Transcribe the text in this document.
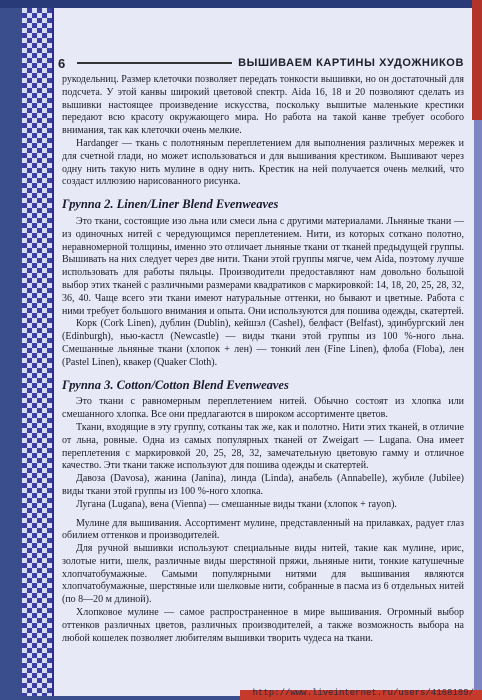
6	ВЫШИВАЕМ КАРТИНЫ ХУДОЖНИКОВ

рукодельниц. Размер клеточки позволяет передать тонкости вышивки, но он достаточный для подсчета. У этой канвы широкий цветовой спектр. Aida 16, 18 и 20 позволяют сделать из вышивки настоящее произведение искусства, поскольку вышитые маленькие крестики передают всю красоту окружающего мира. Но работа на такой канве требует особого внимания, так как клеточки очень мелкие.

Hardanger — ткань с полотняным переплетением для выполнения различных мережек и для счетной глади, но может использоваться и для вышивания крестиком. Вышивают через одну нить такую нить мулине в одну нить. Крестик на ней получается очень мелкий, что создаст иллюзию нарисованного рисунка.

Группа 2. Linen/Liner Blend Evenweaves

Это ткани, состоящие изо льна или смеси льна с другими материалами. Льняные ткани — из одиночных нитей с чередующимся переплетением. Нити, из которых соткано полотно, неравномерной толщины, именно это отличает льняные ткани от тканей предыдущей группы. Вышивать на них следует через две нити. Ткани этой группы мягче, чем Aida, поэтому лучше использовать для работы пяльцы. Производители предоставляют нам довольно большой выбор этих тканей с различными размерами квадратиков с маркировкой: 14, 18, 20, 25, 28, 32, 36, 40. Чаще всего эти ткани имеют натуральные оттенки, но бывают и цветные. Работа с ними требует большого внимания и опыта. Они используются для пошива одежды, скатертей.

Корк (Cork Linen), дублин (Dublin), кейшэл (Cashel), белфаст (Belfast), эдинбургский лен (Edinburgh), нью-кастл (Newcastle) — виды ткани этой группы из 100 %-ного льна. Смешанные льняные ткани (хлопок + лен) — тонкий лен (Fine Linen), флоба (Floba), лен (Pastel Linen), квакер (Quaker Cloth).

Группа 3. Cotton/Cotton Blend Evenweaves

Это ткани с равномерным переплетением нитей. Обычно состоят из хлопка или смешанного хлопка. Все они предлагаются в широком ассортименте цветов.

Ткани, входящие в эту группу, сотканы так же, как и полотно. Нити этих тканей, в отличие от льна, ровные. Одна из самых популярных тканей от Zweigart — Lugana. Она имеет переплетения с маркировкой 20, 25, 28, 32, замечательную цветовую гамму и отличное качество. Эти ткани также используют для пошива одежды и скатертей.

Давоза (Davosa), жанина (Janina), линда (Linda), анабель (Annabelle), жубилe (Jubilee) виды ткани этой группы из 100 %-ного хлопка.

Лугана (Lugana), вена (Vienna) — смешанные виды ткани (хлопок + rayon).

Мулине для вышивания. Ассортимент мулине, представленный на прилавках, радует глаз обилием оттенков и производителей.

Для ручной вышивки используют специальные виды нитей, такие как мулине, ирис, золотые нити, шелк, различные виды шерстяной пряжи, льняные нити, тонкие катушечные хлопчатобумажные. Самыми популярными нитями для вышивания являются хлопчатобумажные, шерстяные или шелковые нити, собранные в пасма из 6 отдельных нитей (по 8—20 м длиной).

Хлопковое мулине — самое распространенное в мире вышивания. Огромный выбор оттенков различных цветов, различных производителей, а также возможность выбора на любой кошелек позволяет любителям вышивки творить чудеса на ткани.

http://www.liveinternet.ru/users/4168189/
